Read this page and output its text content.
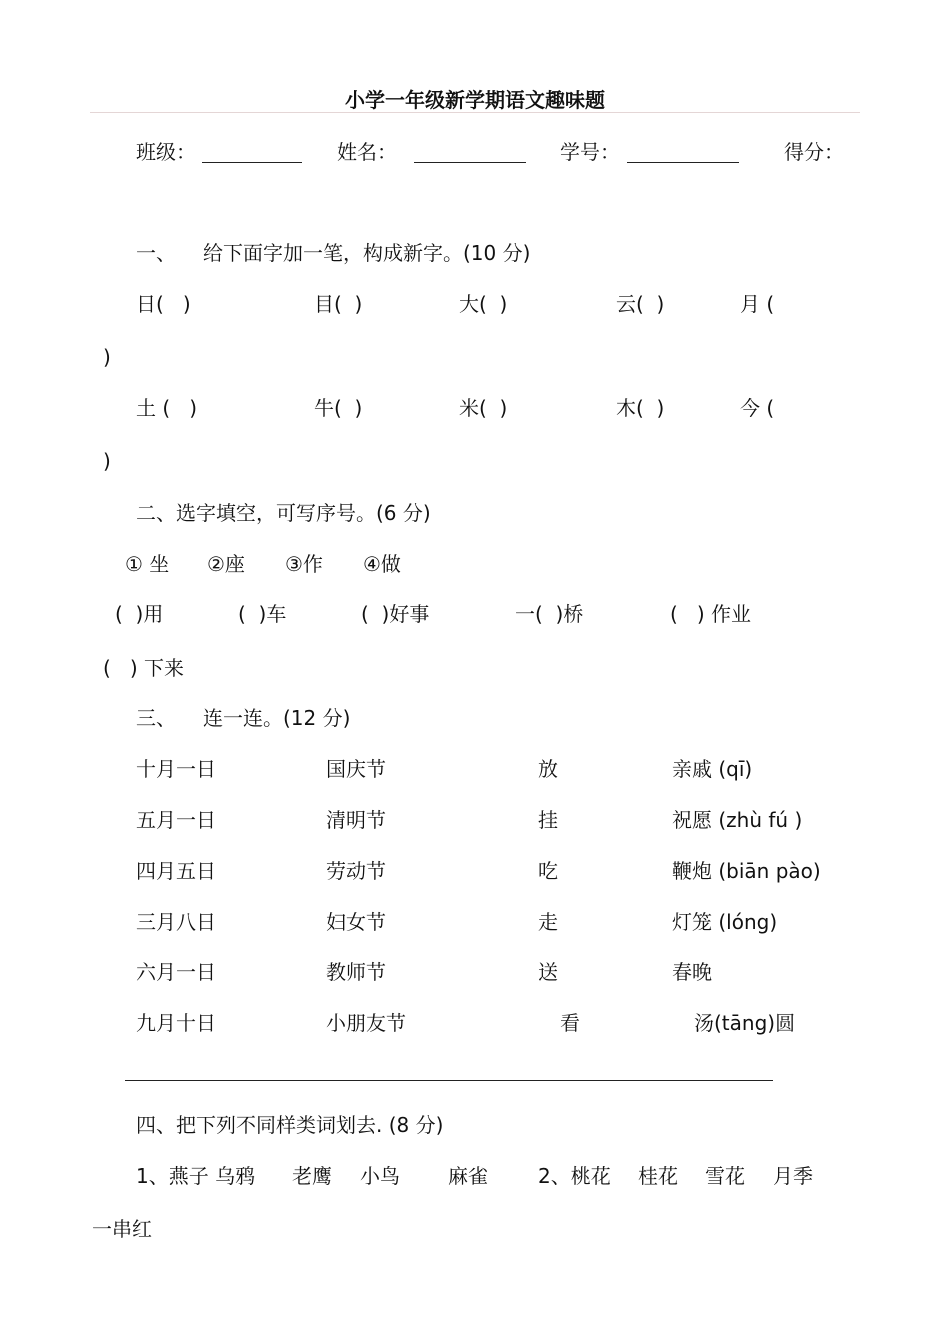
小学一年级新学期语文趣味题
班级：	姓名：	学号：	得分：
一、 给下面字加一笔，构成新字。(10 分)
日(   )	目(  )	大(  )	云(  )	月 (
)
土 (   )	牛(  )	米(  )	木(  )	今 (
)
二、选字填空，可写序号。(6 分)
① 坐 ②座 ③作 ④做
(  )用	(  )车	(  )好事	一(  )桥	(   ) 作业
(   ) 下来
三、 连一连。(12 分)
十月一日	国庆节	放	亲戚 (qī)
五月一日	清明节	挂	祝愿 (zhù fú )
四月五日	劳动节	吃	鞭炮 (biān pào)
三月八日	妇女节	走	灯笼 (lóng)
六月一日	教师节	送	春晚
九月十日	小朋友节	看	汤(tāng)圆
四、把下列不同样类词划去. (8 分)
1、燕子 乌鸦 老鹰 小鸟 麻雀	2、桃花 桂花 雪花 月季
一串红
